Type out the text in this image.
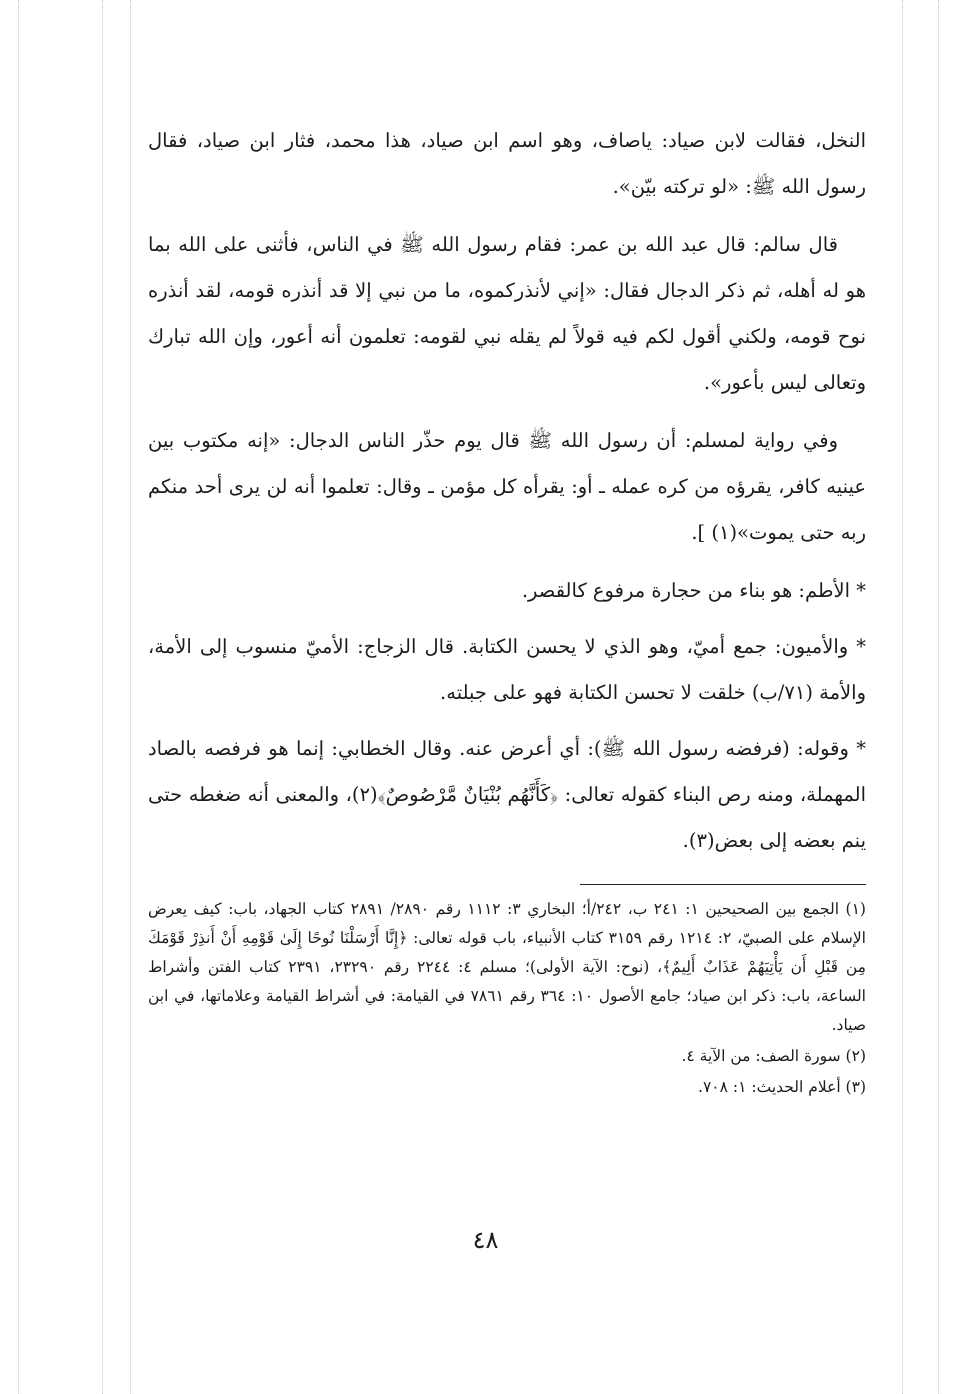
النخل، فقالت لابن صياد: ياصاف، وهو اسم ابن صياد، هذا محمد، فثار ابن صياد، فقال رسول الله ﷺ: «لو تركته بيّن».

قال سالم: قال عبد الله بن عمر: فقام رسول الله ﷺ في الناس، فأثنى على الله بما هو له أهله، ثم ذكر الدجال فقال: «إني لأنذركموه، ما من نبي إلا قد أنذره قومه، لقد أنذره نوح قومه، ولكني أقول لكم فيه قولاً لم يقله نبي لقومه: تعلمون أنه أعور، وإن الله تبارك وتعالى ليس بأعور».

وفي رواية لمسلم: أن رسول الله ﷺ قال يوم حذّر الناس الدجال: «إنه مكتوب بين عينيه كافر، يقرؤه من كره عمله ـ أو: يقرأه كل مؤمن ـ وقال: تعلموا أنه لن يرى أحد منكم ربه حتى يموت»(١) ].

* الأطم: هو بناء من حجارة مرفوع كالقصر.

* والأميون: جمع أميّ، وهو الذي لا يحسن الكتابة. قال الزجاج: الأميّ منسوب إلى الأمة، والأمة (٧١/ب) خلقت لا تحسن الكتابة فهو على جبلته.

* وقوله: (فرفضه رسول الله ﷺ): أي أعرض عنه. وقال الخطابي: إنما هو فرفصه بالصاد المهملة، ومنه رص البناء كقوله تعالى: ﴿كَأَنَّهُم بُنْيَانٌ مَّرْصُوصٌ﴾(٢)، والمعنى أنه ضغطه حتى ينم بعضه إلى بعض(٣).

(١) الجمع بين الصحيحين ١: ٢٤١ ب، ٢٤٢/أ؛ البخاري ٣: ١١١٢ رقم ٢٨٩٠/ ٢٨٩١ كتاب الجهاد، باب: كيف يعرض الإسلام على الصبيّ، ٢: ١٢١٤ رقم ٣١٥٩ كتاب الأنبياء، باب قوله تعالى: ﴿إِنَّا أَرْسَلْنَا نُوحًا إِلَىٰ قَوْمِهِ أَنْ أَنذِرْ قَوْمَكَ مِن قَبْلِ أَن يَأْتِيَهُمْ عَذَابٌ أَلِيمٌ﴾، (نوح: الآية الأولى)؛ مسلم ٤: ٢٢٤٤ رقم ٢٣٢٩٠، ٢٣٩١ كتاب الفتن وأشراط الساعة، باب: ذكر ابن صياد؛ جامع الأصول ١٠: ٣٦٤ رقم ٧٨٦١ في القيامة: في أشراط القيامة وعلاماتها، في ابن صياد.

(٢) سورة الصف: من الآية ٤.

(٣) أعلام الحديث: ١: ٧٠٨.

٤٨
